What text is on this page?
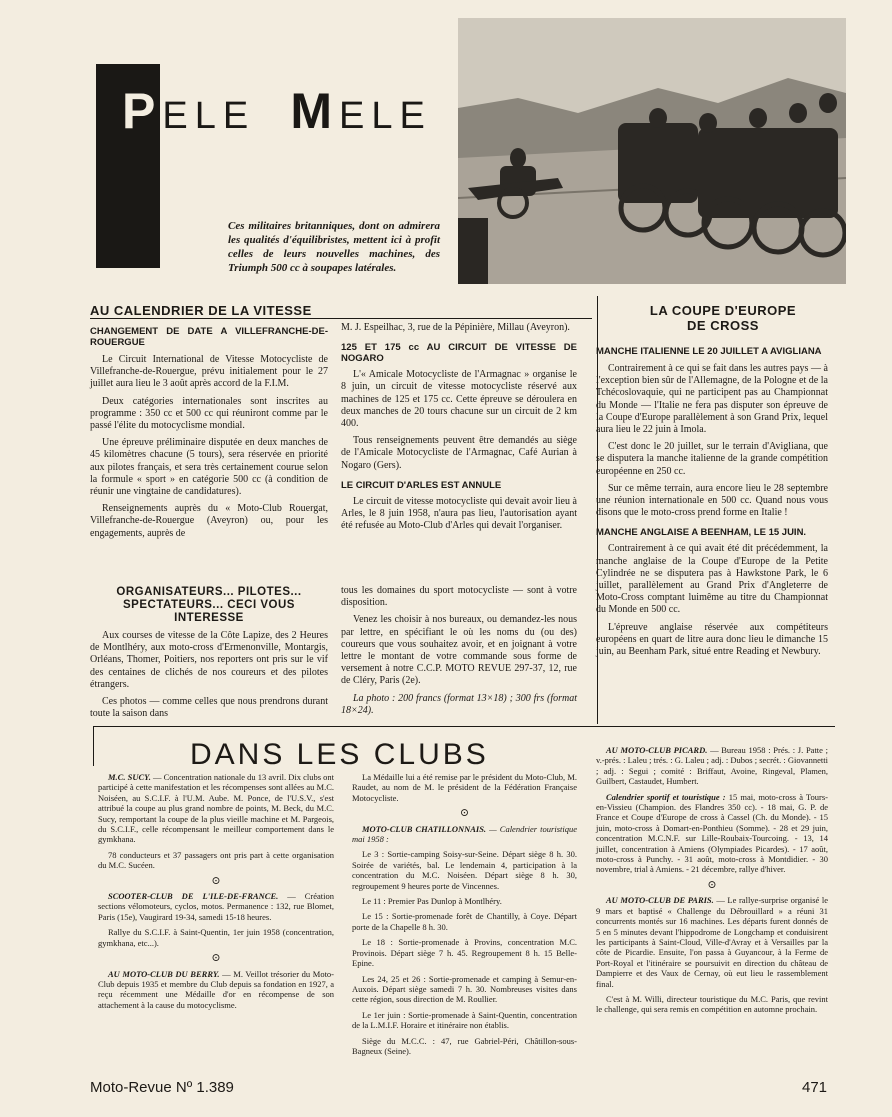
PELE MELE
Ces militaires britanniques, dont on admirera les qualités d'équilibristes, mettent ici à profit celles de leurs nouvelles machines, des Triumph 500 cc à soupapes latérales.
AU CALENDRIER DE LA VITESSE

CHANGEMENT DE DATE A VILLEFRANCHE-DE-ROUERGUE

Le Circuit International de Vitesse Motocycliste de Villefranche-de-Rouergue, prévu initialement pour le 27 juillet aura lieu le 3 août après accord de la F.I.M.

Deux catégories internationales sont inscrites au programme : 350 cc et 500 cc qui réuniront comme par le passé l'élite du motocyclisme mondial.

Une épreuve préliminaire disputée en deux manches de 45 kilomètres chacune (5 tours), sera réservée en priorité aux pilotes français, et sera très certainement courue selon la formule « sport » en catégorie 500 cc (à condition de réunir une vingtaine de candidatures).

Renseignements auprès du « Moto-Club Rouergat, Villefranche-de-Rouergue (Aveyron) ou, pour les engagements, auprès de

M. J. Espeilhac, 3, rue de la Pépinière, Millau (Aveyron).

125 ET 175 cc AU CIRCUIT DE VITESSE DE NOGARO

L'« Amicale Motocycliste de l'Armagnac » organise le 8 juin, un circuit de vitesse motocycliste réservé aux machines de 125 et 175 cc. Cette épreuve se déroulera en deux manches de 20 tours chacune sur un circuit de 2 km 400.

Tous renseignements peuvent être demandés au siège de l'Amicale Motocycliste de l'Armagnac, Café Aurian à Nogaro (Gers).

LE CIRCUIT D'ARLES EST ANNULE

Le circuit de vitesse motocycliste qui devait avoir lieu à Arles, le 8 juin 1958, n'aura pas lieu, l'autorisation ayant été refusée au Moto-Club d'Arles qui devait l'organiser.

ORGANISATEURS... PILOTES... SPECTATEURS... CECI VOUS INTERESSE

Aux courses de vitesse de la Côte Lapize, des 2 Heures de Montlhéry, aux moto-cross d'Ermenonville, Montargis, Orléans, Thomer, Poitiers, nos reporters ont pris sur le vif des centaines de clichés de nos coureurs et des pilotes étrangers.

Ces photos — comme celles que nous prendrons durant toute la saison dans

tous les domaines du sport motocycliste — sont à votre disposition.

Venez les choisir à nos bureaux, ou demandez-les nous par lettre, en spécifiant le où les noms du (ou des) coureurs que vous souhaitez avoir, et en joignant à votre lettre le montant de votre commande sous forme de versement à notre C.C.P. MOTO REVUE 297-37, 12, rue de Cléry, Paris (2e).

La photo : 200 francs (format 13×18) ; 300 frs (format 18×24).

LA COUPE D'EUROPE
DE CROSS

MANCHE ITALIENNE LE 20 JUILLET A AVIGLIANA

Contrairement à ce qui se fait dans les autres pays — à l'exception bien sûr de l'Allemagne, de la Pologne et de la Tchécoslovaquie, qui ne participent pas au Championnat du Monde — l'Italie ne fera pas disputer son épreuve de la Coupe d'Europe parallèlement à son Grand Prix, lequel aura lieu le 22 juin à Imola.

C'est donc le 20 juillet, sur le terrain d'Avigliana, que se disputera la manche italienne de la grande compétition européenne en 250 cc.

Sur ce même terrain, aura encore lieu le 28 septembre une réunion internationale en 500 cc. Quand nous vous disons que le moto-cross prend forme en Italie !

MANCHE ANGLAISE A BEENHAM, LE 15 JUIN.

Contrairement à ce qui avait été dit précédemment, la manche anglaise de la Coupe d'Europe de la Petite Cylindrée ne se disputera pas à Hawkstone Park, le 6 juillet, parallèlement au Grand Prix d'Angleterre de Moto-Cross comptant luimême au titre du Championnat du Monde en 500 cc.

L'épreuve anglaise réservée aux compétiteurs européens en quart de litre aura donc lieu le dimanche 15 juin, au Beenham Park, situé entre Reading et Newbury.

DANS LES CLUBS

M.C. SUCY. — Concentration nationale du 13 avril. Dix clubs ont participé à cette manifestation et les récompenses sont allées au M.C. Noiséen, au S.C.I.F. à l'U.M. Aube. M. Ponce, de l'U.S.V., s'est attribué la coupe au plus grand nombre de points, M. Beck, du M.C. Sucy, remportant la coupe de la plus vieille machine et M. Pargeois, du S.C.I.F., celle récompensant le meilleur comportement dans le gymkhana.

78 conducteurs et 37 passagers ont pris part à cette organisation du M.C. Sucéen.

⊙

SCOOTER-CLUB DE L'ILE-DE-FRANCE. — Création sections vélomoteurs, cyclos, motos. Permanence : 132, rue Blomet, Paris (15e), Vaugirard 19-34, samedi 15-18 heures.

Rallye du S.C.I.F. à Saint-Quentin, 1er juin 1958 (concentration, gymkhana, etc...).

⊙

AU MOTO-CLUB DU BERRY. — M. Veillot trésorier du Moto-Club depuis 1935 et membre du Club depuis sa fondation en 1927, a reçu récemment une Médaille d'or en récompense de son attachement à la cause du motocyclisme.

La Médaille lui a été remise par le président du Moto-Club, M. Raudet, au nom de M. le président de la Fédération Française Motocycliste.

⊙

MOTO-CLUB CHATILLONNAIS. — Calendrier touristique mai 1958 :

Le 3 : Sortie-camping Soisy-sur-Seine. Départ siège 8 h. 30. Soirée de variétés, bal. Le lendemain 4, participation à la concentration du M.C. Noiséen. Départ siège 8 h. 30, regroupement 9 heures porte de Vincennes.

Le 11 : Premier Pas Dunlop à Montlhéry.

Le 15 : Sortie-promenade forêt de Chantilly, à Coye. Départ porte de la Chapelle 8 h. 30.

Le 18 : Sortie-promenade à Provins, concentration M.C. Provinois. Départ siège 7 h. 45. Regroupement 8 h. 15 Belle-Epine.

Les 24, 25 et 26 : Sortie-promenade et camping à Semur-en-Auxois. Départ siège samedi 7 h. 30. Nombreuses visites dans cette région, sous direction de M. Roullier.

Le 1er juin : Sortie-promenade à Saint-Quentin, concentration de la L.M.I.F. Horaire et itinéraire non établis.

Siège du M.C.C. : 47, rue Gabriel-Péri, Châtillon-sous-Bagneux (Seine).

AU MOTO-CLUB PICARD. — Bureau 1958 : Prés. : J. Patte ; v.-prés. : Laleu ; trés. : G. Laleu ; adj. : Dubos ; secrét. : Giovannetti ; adj. : Segui ; comité : Briffaut, Avoine, Ringeval, Plamen, Guilbert, Castaudet, Humbert.

Calendrier sportif et touristique : 15 mai, moto-cross à Tours-en-Vissieu (Champion. des Flandres 350 cc). - 18 mai, G. P. de France et Coupe d'Europe de cross à Cassel (Ch. du Monde). - 15 juin, moto-cross à Domart-en-Ponthieu (Somme). - 28 et 29 juin, concentration M.C.N.F. sur Lille-Roubaix-Tourcoing. - 13, 14 juillet, concentration à Amiens (Olympiades Picardes). - 17 août, moto-cross à Punchy. - 31 août, moto-cross à Montdidier. - 30 novembre, trial à Amiens. - 21 décembre, rallye d'hiver.

⊙

AU MOTO-CLUB DE PARIS. — Le rallye-surprise organisé le 9 mars et baptisé « Challenge du Débrouillard » a réuni 31 concurrents montés sur 16 machines. Les départs furent donnés de 5 en 5 minutes devant l'hippodrome de Longchamp et conduisirent les participants à Saint-Cloud, Ville-d'Avray et à Versailles par la côte de Picardie. Ensuite, l'on passa à Guyancour, à la Ferme de Port-Royal et l'itinéraire se poursuivit en direction du château de Dampierre et des Vaux de Cernay, où eut lieu le rassemblement final.

C'est à M. Willi, directeur touristique du M.C. Paris, que revint le challenge, qui sera remis en compétition en automne prochain.

Moto-Revue Nº 1.389	471
